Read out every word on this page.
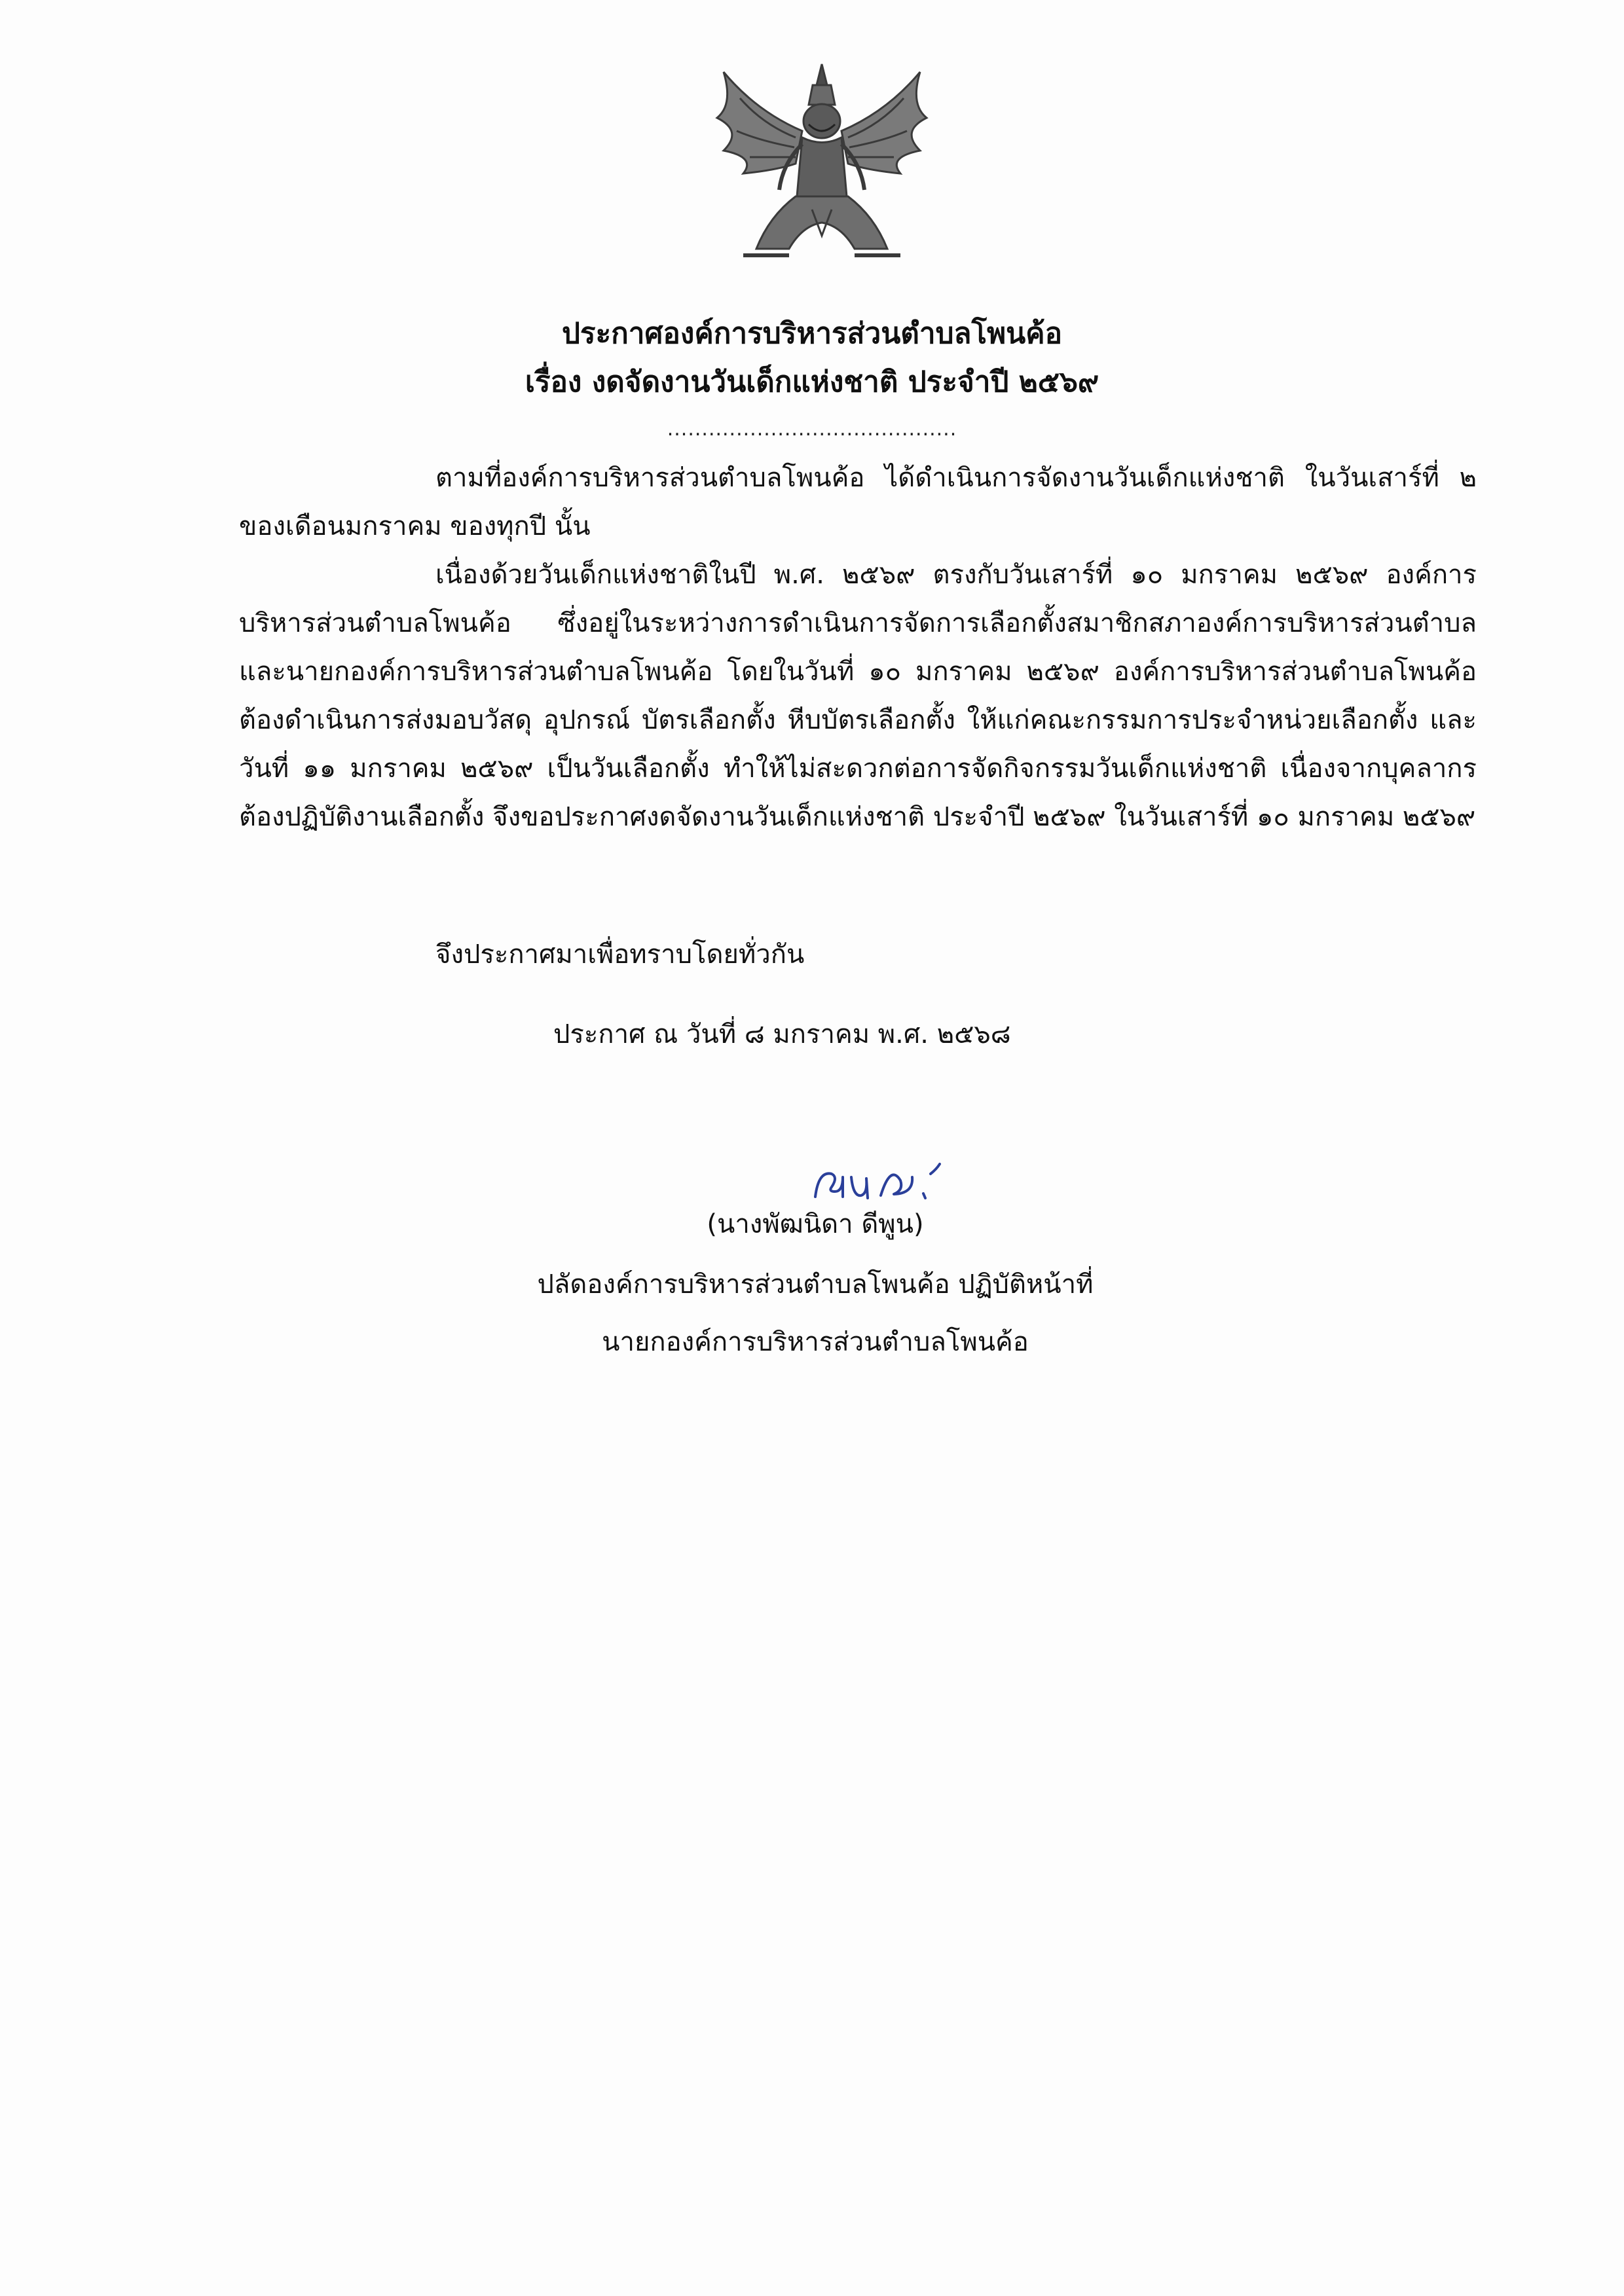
ประกาศองค์การบริหารส่วนตำบลโพนค้อ
เรื่อง งดจัดงานวันเด็กแห่งชาติ ประจำปี ๒๕๖๙
..........................................

ตามที่องค์การบริหารส่วนตำบลโพนค้อ ได้ดำเนินการจัดงานวันเด็กแห่งชาติ ในวันเสาร์ที่ ๒ ของเดือนมกราคม ของทุกปี นั้น

เนื่องด้วยวันเด็กแห่งชาติในปี พ.ศ. ๒๕๖๙ ตรงกับวันเสาร์ที่ ๑๐ มกราคม ๒๕๖๙ องค์การบริหารส่วนตำบลโพนค้อ ซึ่งอยู่ในระหว่างการดำเนินการจัดการเลือกตั้งสมาชิกสภาองค์การบริหารส่วนตำบลและนายกองค์การบริหารส่วนตำบลโพนค้อ โดยในวันที่ ๑๐ มกราคม ๒๕๖๙ องค์การบริหารส่วนตำบลโพนค้อ ต้องดำเนินการส่งมอบวัสดุ อุปกรณ์ บัตรเลือกตั้ง หีบบัตรเลือกตั้ง ให้แก่คณะกรรมการประจำหน่วยเลือกตั้ง และวันที่ ๑๑ มกราคม ๒๕๖๙ เป็นวันเลือกตั้ง ทำให้ไม่สะดวกต่อการจัดกิจกรรมวันเด็กแห่งชาติ เนื่องจากบุคลากรต้องปฏิบัติงานเลือกตั้ง จึงขอประกาศงดจัดงานวันเด็กแห่งชาติ ประจำปี ๒๕๖๙ ในวันเสาร์ที่ ๑๐ มกราคม ๒๕๖๙

จึงประกาศมาเพื่อทราบโดยทั่วกัน
ประกาศ ณ วันที่ ๘ มกราคม พ.ศ. ๒๕๖๘
(นางพัฒนิดา ดีพูน)
ปลัดองค์การบริหารส่วนตำบลโพนค้อ ปฏิบัติหน้าที่
นายกองค์การบริหารส่วนตำบลโพนค้อ
